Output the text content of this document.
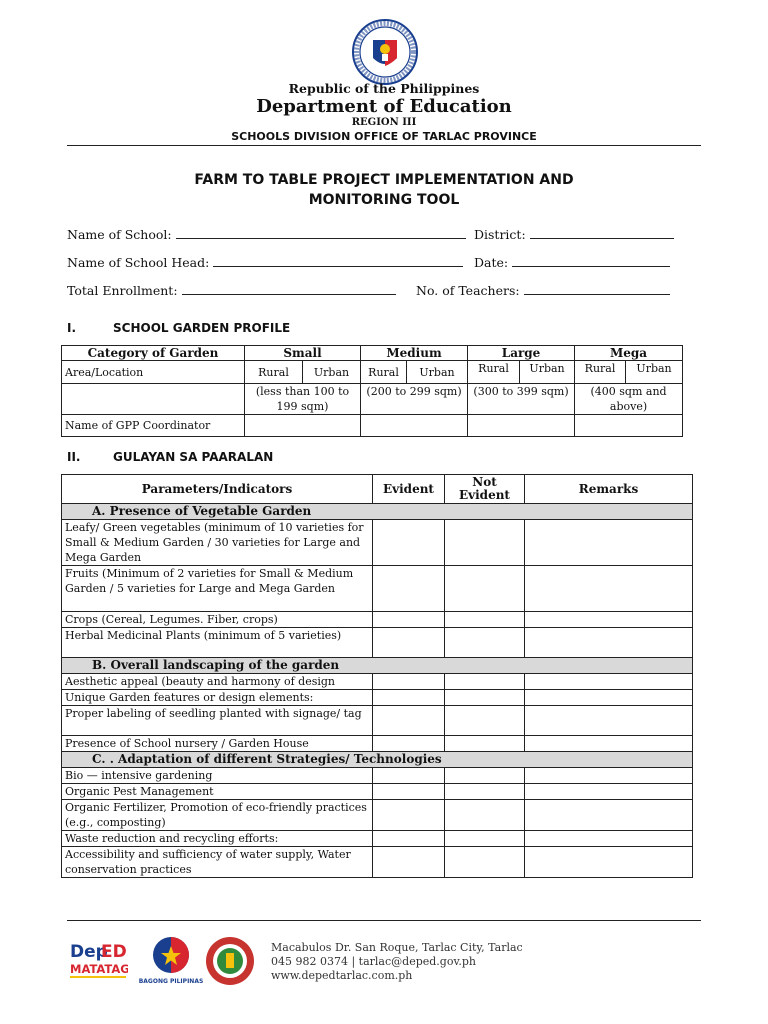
Republic of the Philippines
Department of Education
REGION III
SCHOOLS DIVISION OFFICE OF TARLAC PROVINCE
FARM TO TABLE PROJECT IMPLEMENTATION AND
MONITORING TOOL
Name of School:	District:
Name of School Head:	Date:
Total Enrollment:	No. of Teachers:
I.	SCHOOL GARDEN PROFILE
Category of Garden	Small		Medium		Large		Mega	
Area/Location	Rural	Urban	Rural	Urban	Rural	Urban	Rural	Urban
	(less than 100 to 199 sqm)		(200 to 299 sqm)		(300 to 399 sqm)		(400 sqm and above)	
Name of GPP Coordinator								
II.	GULAYAN SA PAARALAN
Parameters/Indicators	Evident	Not Evident	Remarks
A. Presence of Vegetable Garden			
Leafy/ Green vegetables (minimum of 10 varieties for Small & Medium Garden / 30 varieties for Large and Mega Garden			
Fruits (Minimum of 2 varieties for Small & Medium Garden / 5 varieties for Large and Mega Garden			
Crops (Cereal, Legumes. Fiber, crops)			
Herbal Medicinal Plants (minimum of 5 varieties)			
B. Overall landscaping of the garden			
Aesthetic appeal (beauty and harmony of design			
Unique Garden features or design elements:			
Proper labeling of seedling planted with signage/ tag			
Presence of School nursery / Garden House			
C. . Adaptation of different Strategies/ Technologies			
Bio — intensive gardening			
Organic Pest Management			
Organic Fertilizer, Promotion of eco-friendly practices (e.g., composting)			
Waste reduction and recycling efforts:			
Accessibility and sufficiency of water supply, Water conservation practices			
Dep
ED
MATATAG
BAGONG PILIPINAS
Macabulos Dr. San Roque, Tarlac City, Tarlac
045 982 0374 | tarlac@deped.gov.ph
www.depedtarlac.com.ph
